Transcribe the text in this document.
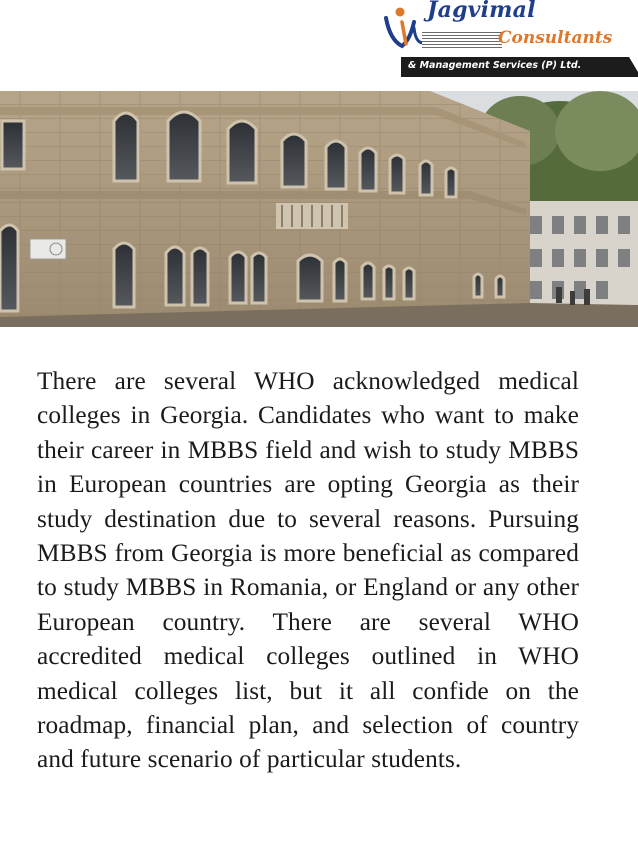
Jagvimal

Consultants

& Management Services (P) Ltd.

There are several WHO acknowledged medical colleges in Georgia. Candidates who want to make their career in MBBS field and wish to study MBBS in European countries are opting Georgia as their study destination due to several reasons. Pursuing MBBS from Georgia is more beneficial as compared to study MBBS in Romania, or England or any other European country. There are several WHO accredited medical colleges outlined in WHO medical colleges list, but it all confide on the roadmap, financial plan, and selection of country and future scenario of particular students.
